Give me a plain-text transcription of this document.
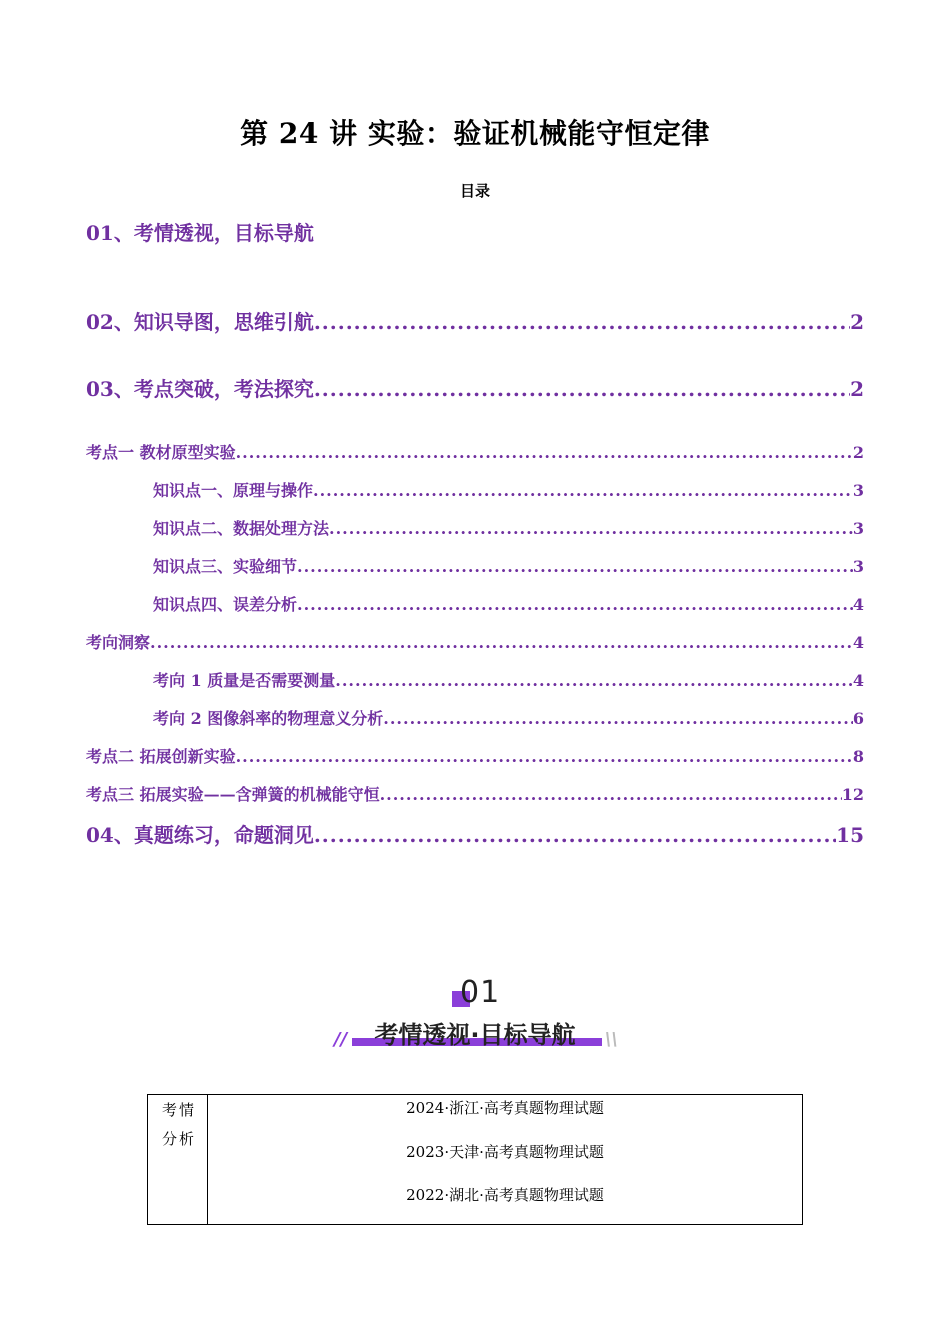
第 24 讲 实验：验证机械能守恒定律
目录
01、考情透视，目标导航
02、知识导图，思维引航 .....	2
03、考点突破，考法探究 .....	2
考点一 教材原型实验 .....	2
知识点一、原理与操作 .....	3
知识点二、数据处理方法 .....	3
知识点三、实验细节 .....	3
知识点四、误差分析 .....	4
考向洞察 .....	4
考向 1 质量是否需要测量 .....	4
考向 2 图像斜率的物理意义分析 .....	6
考点二 拓展创新实验 .....	8
考点三 拓展实验——含弹簧的机械能守恒 .....	12
04、真题练习，命题洞见 .....	15
01
考情透视·目标导航
//	\\
考情分析
2024·浙江·高考真题物理试题
2023·天津·高考真题物理试题
2022·湖北·高考真题物理试题
